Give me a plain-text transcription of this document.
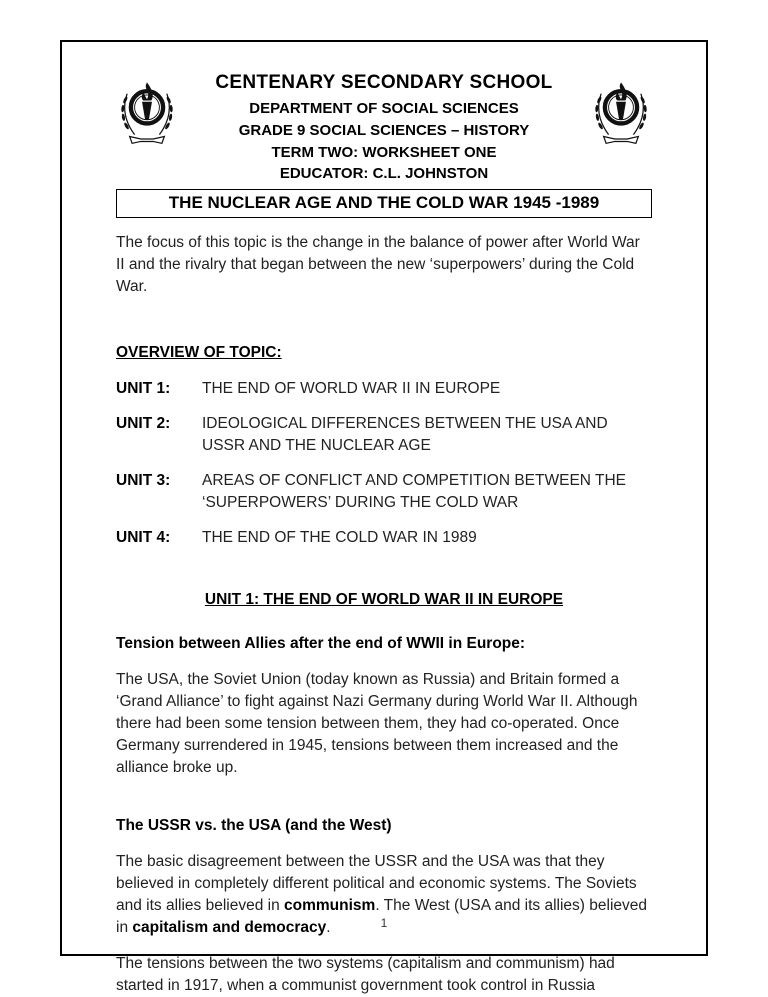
CENTENARY SECONDARY SCHOOL
DEPARTMENT OF SOCIAL SCIENCES
GRADE 9 SOCIAL SCIENCES – HISTORY
TERM TWO: WORKSHEET ONE
EDUCATOR: C.L. JOHNSTON
THE NUCLEAR AGE AND THE COLD WAR 1945 -1989

The focus of this topic is the change in the balance of power after World War II and the rivalry that began between the new ‘superpowers’ during the Cold War.

OVERVIEW OF TOPIC:
UNIT 1:	THE END OF WORLD WAR II IN EUROPE
UNIT 2:	IDEOLOGICAL DIFFERENCES BETWEEN THE USA AND USSR AND THE NUCLEAR AGE
UNIT 3:	AREAS OF CONFLICT AND COMPETITION BETWEEN THE ‘SUPERPOWERS’ DURING THE COLD WAR
UNIT 4:	THE END OF THE COLD WAR IN 1989
UNIT 1: THE END OF WORLD WAR II IN EUROPE
Tension between Allies after the end of WWII in Europe:

The USA, the Soviet Union (today known as Russia) and Britain formed a ‘Grand Alliance’ to fight against Nazi Germany during World War II. Although there had been some tension between them, they had co-operated. Once Germany surrendered in 1945, tensions between them increased and the alliance broke up.

The USSR vs. the USA (and the West)

The basic disagreement between the USSR and the USA was that they believed in completely different political and economic systems. The Soviets and its allies believed in communism. The West (USA and its allies) believed in capitalism and democracy.

The tensions between the two systems (capitalism and communism) had started in 1917, when a communist government took control in Russia

1
